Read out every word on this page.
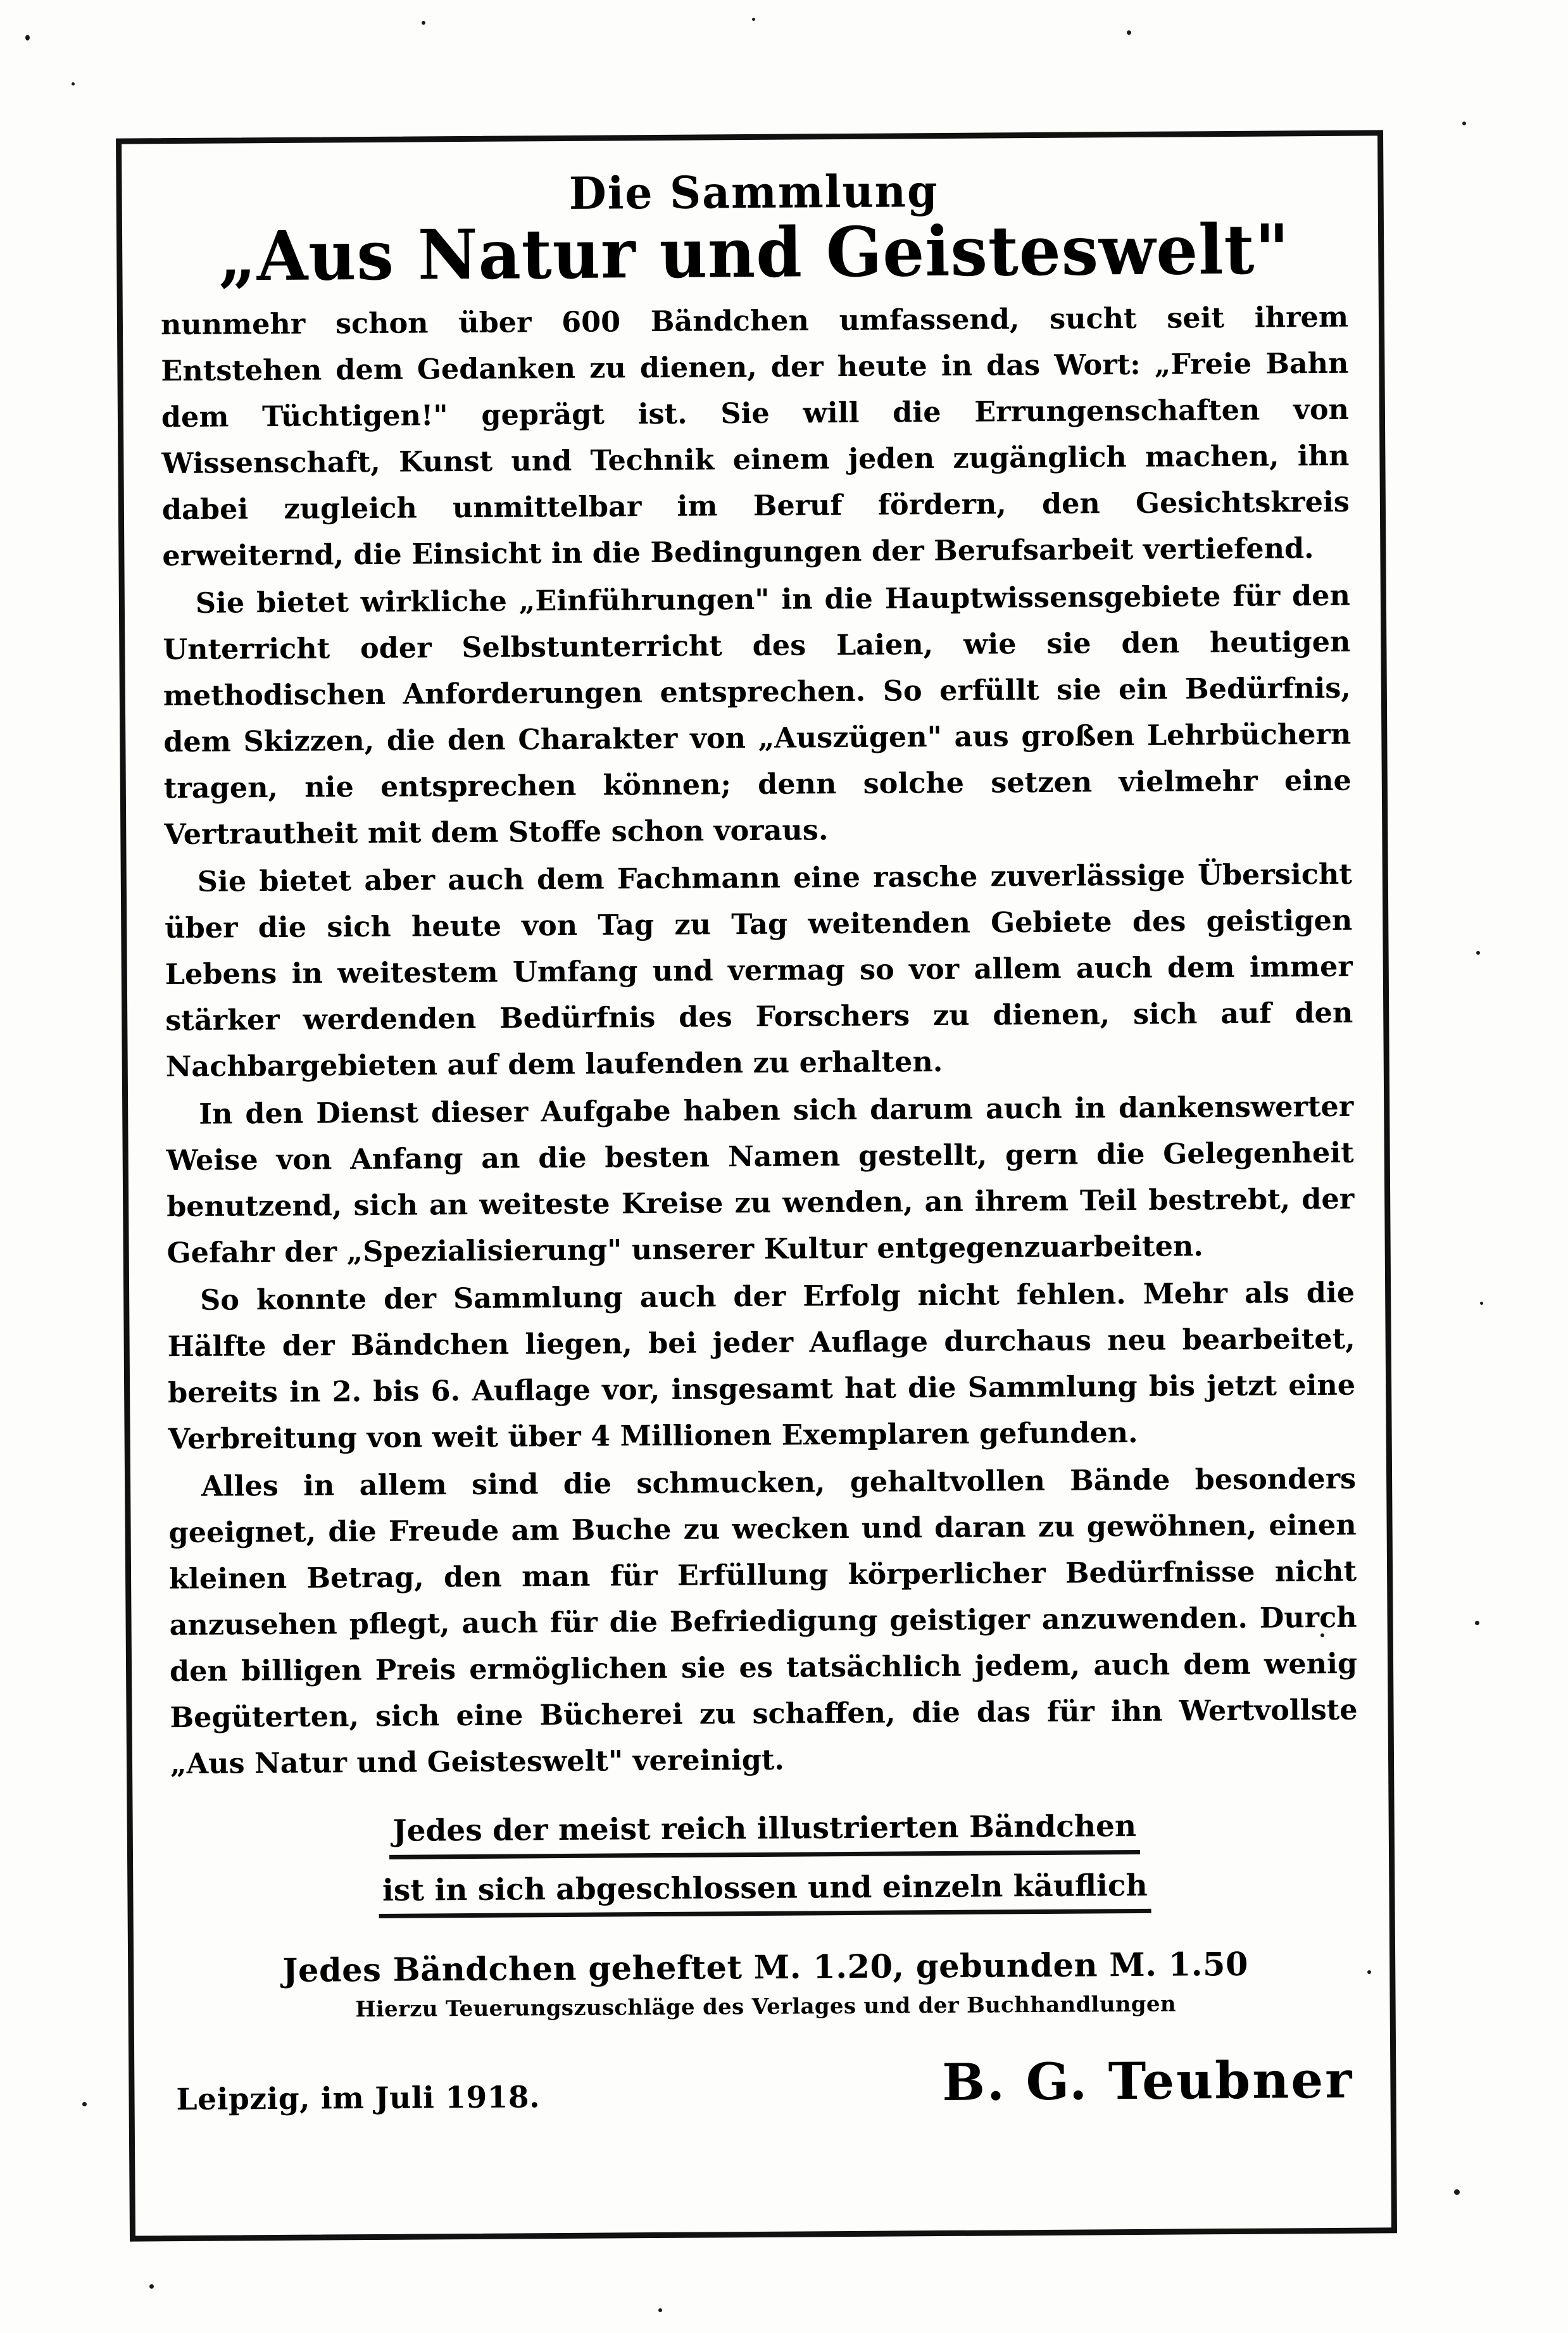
Die Sammlung
„Aus Natur und Geisteswelt"

nunmehr schon über 600 Bändchen umfassend, sucht seit ihrem Entstehen dem Gedanken zu dienen, der heute in das Wort: „Freie Bahn dem Tüchtigen!" geprägt ist. Sie will die Errungenschaften von Wissenschaft, Kunst und Technik einem jeden zugänglich machen, ihn dabei zugleich unmittelbar im Beruf fördern, den Gesichtskreis erweiternd, die Einsicht in die Bedingungen der Berufsarbeit vertiefend.

Sie bietet wirkliche „Einführungen" in die Hauptwissensgebiete für den Unterricht oder Selbstunterricht des Laien, wie sie den heutigen methodischen Anforderungen entsprechen. So erfüllt sie ein Bedürfnis, dem Skizzen, die den Charakter von „Auszügen" aus großen Lehrbüchern tragen, nie entsprechen können; denn solche setzen vielmehr eine Vertrautheit mit dem Stoffe schon voraus.

Sie bietet aber auch dem Fachmann eine rasche zuverlässige Übersicht über die sich heute von Tag zu Tag weitenden Gebiete des geistigen Lebens in weitestem Umfang und vermag so vor allem auch dem immer stärker werdenden Bedürfnis des Forschers zu dienen, sich auf den Nachbargebieten auf dem laufenden zu erhalten.

In den Dienst dieser Aufgabe haben sich darum auch in dankenswerter Weise von Anfang an die besten Namen gestellt, gern die Gelegenheit benutzend, sich an weiteste Kreise zu wenden, an ihrem Teil bestrebt, der Gefahr der „Spezialisierung" unserer Kultur entgegenzuarbeiten.

So konnte der Sammlung auch der Erfolg nicht fehlen. Mehr als die Hälfte der Bändchen liegen, bei jeder Auflage durchaus neu bearbeitet, bereits in 2. bis 6. Auflage vor, insgesamt hat die Sammlung bis jetzt eine Verbreitung von weit über 4 Millionen Exemplaren gefunden.

Alles in allem sind die schmucken, gehaltvollen Bände besonders geeignet, die Freude am Buche zu wecken und daran zu gewöhnen, einen kleinen Betrag, den man für Erfüllung körperlicher Bedürfnisse nicht anzusehen pflegt, auch für die Befriedigung geistiger anzuwenden. Durch den billigen Preis ermöglichen sie es tatsächlich jedem, auch dem wenig Begüterten, sich eine Bücherei zu schaffen, die das für ihn Wertvollste „Aus Natur und Geisteswelt" vereinigt.

Jedes der meist reich illustrierten Bändchen
ist in sich abgeschlossen und einzeln käuflich
Jedes Bändchen geheftet M. 1.20, gebunden M. 1.50
Hierzu Teuerungszuschläge des Verlages und der Buchhandlungen
Leipzig, im Juli 1918.	B. G. Teubner
